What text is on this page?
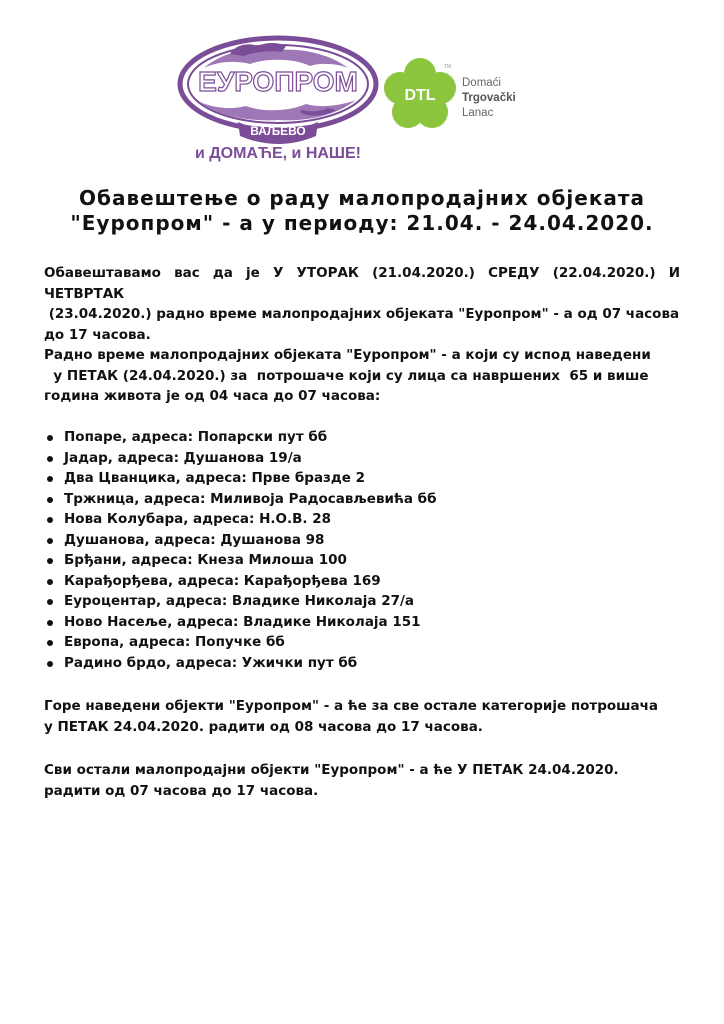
ЕУРОПРОМ
ВАЉЕВО
и ДОМАЋЕ, и НАШЕ!
DTL
TM
Domaći
Trgovački
Lanac
Обавештење о раду малопродајних објеката
"Еуропром" - а у периоду: 21.04. - 24.04.2020.

Обавештавамо вас да је У УТОРАК (21.04.2020.) СРЕДУ (22.04.2020.) И ЧЕТВРТАК
(23.04.2020.) радно време малопродајних објеката "Еуропром" - а од 07 часова
до 17 часова.

Радно време малопродајних објеката "Еуропром" - а који су испод наведени
у ПЕТАК (24.04.2020.) за  потрошаче који су лица са навршених  65 и више
година живота је од 04 часа до 07 часова:

Попаре, адреса: Попарски пут бб
Јадар, адреса: Душанова 19/а
Два Цванцика, адреса: Прве бразде 2
Тржница, адреса: Миливоја Радосављевића бб
Нова Колубара, адреса: Н.О.В. 28
Душанова, адреса: Душанова 98
Брђани, адреса: Кнеза Милоша 100
Карађорђева, адреса: Карађорђева 169
Еуроцентар, адреса: Владике Николаја 27/а
Ново Насеље, адреса: Владике Николаја 151
Европа, адреса: Попучке бб
Радино брдо, адреса: Ужички пут бб

Горе наведени објекти "Еуропром" - а ће за све остале категорије потрошача
у ПЕТАК 24.04.2020. радити од 08 часова до 17 часова.

Сви остали малопродајни објекти "Еуропром" - а ће У ПЕТАК 24.04.2020.
радити од 07 часова до 17 часова.
